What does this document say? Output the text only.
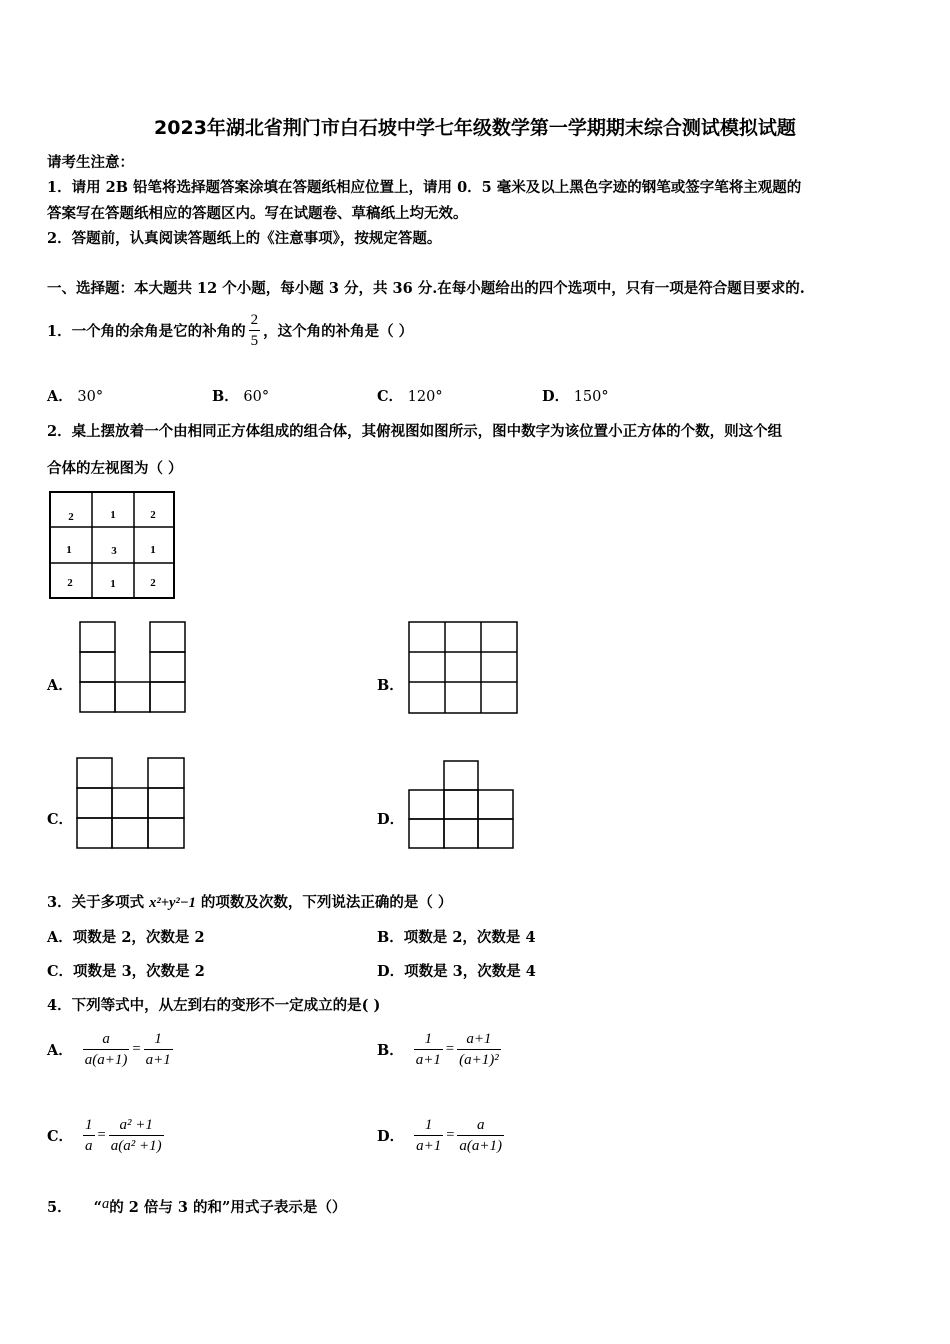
2023年湖北省荆门市白石坡中学七年级数学第一学期期末综合测试模拟试题
请考生注意：
1．请用 2B 铅笔将选择题答案涂填在答题纸相应位置上，请用 0．5 毫米及以上黑色字迹的钢笔或签字笔将主观题的
答案写在答题纸相应的答题区内。写在试题卷、草稿纸上均无效。
2．答题前，认真阅读答题纸上的《注意事项》，按规定答题。
一、选择题：本大题共 12 个小题，每小题 3 分，共 36 分.在每小题给出的四个选项中，只有一项是符合题目要求的.
1．一个角的余角是它的补角的 $\frac{2}{5}$ ，这个角的补角是（ ）
A． 30°	B． 60°	C． 120°	D． 150°
2．桌上摆放着一个由相同正方体组成的组合体，其俯视图如图所示，图中数字为该位置小正方体的个数，则这个组
合体的左视图为（ ）
2	1	2
1	3	1
2	1	2
A．	B．
C．	D．
3．关于多项式 x²+y²−1 的项数及次数，下列说法正确的是（ ）
A．项数是 2，次数是 2	B．项数是 2，次数是 4
C．项数是 3，次数是 2	D．项数是 3，次数是 4
4．下列等式中，从左到右的变形不一定成立的是( )
A． $\frac{a}{a(a+1)} = \frac{1}{a+1}$	B． $\frac{1}{a+1} = \frac{a+1}{\text{(a+1)²}}$
C． $\frac{1}{a} = \frac{\text{a² +1}}{\text{a(a² +1)}}$	D． $\frac{1}{a+1} = \frac{a}{a(a+1)}$
5． “a的 2 倍与 3 的和”用式子表示是（）
